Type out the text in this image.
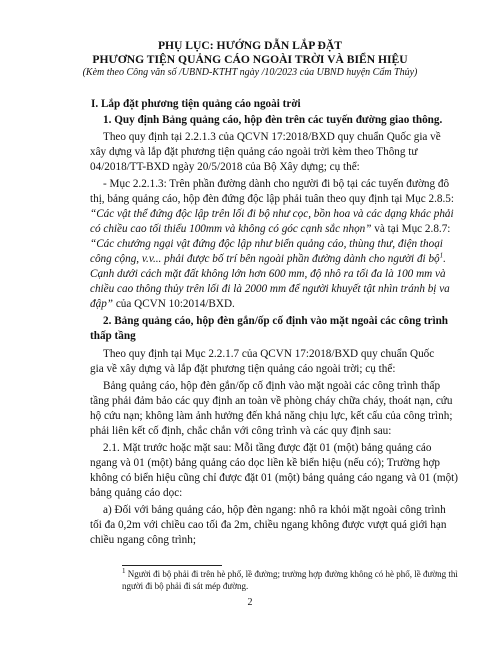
PHỤ LỤC: HƯỚNG DẪN LẮP ĐẶT
PHƯƠNG TIỆN QUẢNG CÁO NGOÀI TRỜI VÀ BIỂN HIỆU
(Kèm theo Công văn số /UBND-KTHT ngày /10/2023 của UBND huyện Cẩm Thủy)
I. Lắp đặt phương tiện quảng cáo ngoài trời
1. Quy định Bảng quảng cáo, hộp đèn trên các tuyến đường giao thông.
Theo quy định tại 2.2.1.3 của QCVN 17:2018/BXD quy chuẩn Quốc gia về
xây dựng và lắp đặt phương tiện quảng cáo ngoài trời kèm theo Thông tư
04/2018/TT-BXD ngày 20/5/2018 của Bộ Xây dựng; cụ thể:
- Mục 2.2.1.3: Trên phần đường dành cho người đi bộ tại các tuyến đường đô
thị, bảng quảng cáo, hộp đèn đứng độc lập phải tuân theo quy định tại Mục 2.8.5:
“Các vật thể đứng độc lập trên lối đi bộ như cọc, bồn hoa và các dạng khác phải
có chiều cao tối thiểu 100mm và không có góc cạnh sắc nhọn” và tại Mục 2.8.7:
“Các chướng ngại vật đứng độc lập như biển quảng cáo, thùng thư, điện thoại
công cộng, v.v... phải được bố trí bên ngoài phần đường dành cho người đi bộ$^1$.
Cạnh dưới cách mặt đất không lớn hơn 600 mm, độ nhô ra tối đa là 100 mm và
chiều cao thông thủy trên lối đi là 2000 mm để người khuyết tật nhìn tránh bị va
đập” của QCVN 10:2014/BXD.
2. Bảng quảng cáo, hộp đèn gắn/ốp cố định vào mặt ngoài các công trình
thấp tầng
Theo quy định tại Mục 2.2.1.7 của QCVN 17:2018/BXD quy chuẩn Quốc
gia về xây dựng và lắp đặt phương tiện quảng cáo ngoài trời; cụ thể:
Bảng quảng cáo, hộp đèn gắn/ốp cố định vào mặt ngoài các công trình thấp
tầng phải đảm bảo các quy định an toàn về phòng cháy chữa cháy, thoát nạn, cứu
hộ cứu nạn; không làm ảnh hưởng đến khả năng chịu lực, kết cấu của công trình;
phải liên kết cố định, chắc chắn với công trình và các quy định sau:
2.1. Mặt trước hoặc mặt sau: Mỗi tầng được đặt 01 (một) bảng quảng cáo
ngang và 01 (một) bảng quảng cáo dọc liền kề biển hiệu (nếu có); Trường hợp
không có biển hiệu cũng chỉ được đặt 01 (một) bảng quảng cáo ngang và 01 (một)
bảng quảng cáo dọc:
a) Đối với bảng quảng cáo, hộp đèn ngang: nhô ra khỏi mặt ngoài công trình
tối đa 0,2m với chiều cao tối đa 2m, chiều ngang không được vượt quá giới hạn
chiều ngang công trình;
$^1$ Người đi bộ phải đi trên hè phố, lề đường; trường hợp đường không có hè phố, lề đường thì
người đi bộ phải đi sát mép đường.
2
